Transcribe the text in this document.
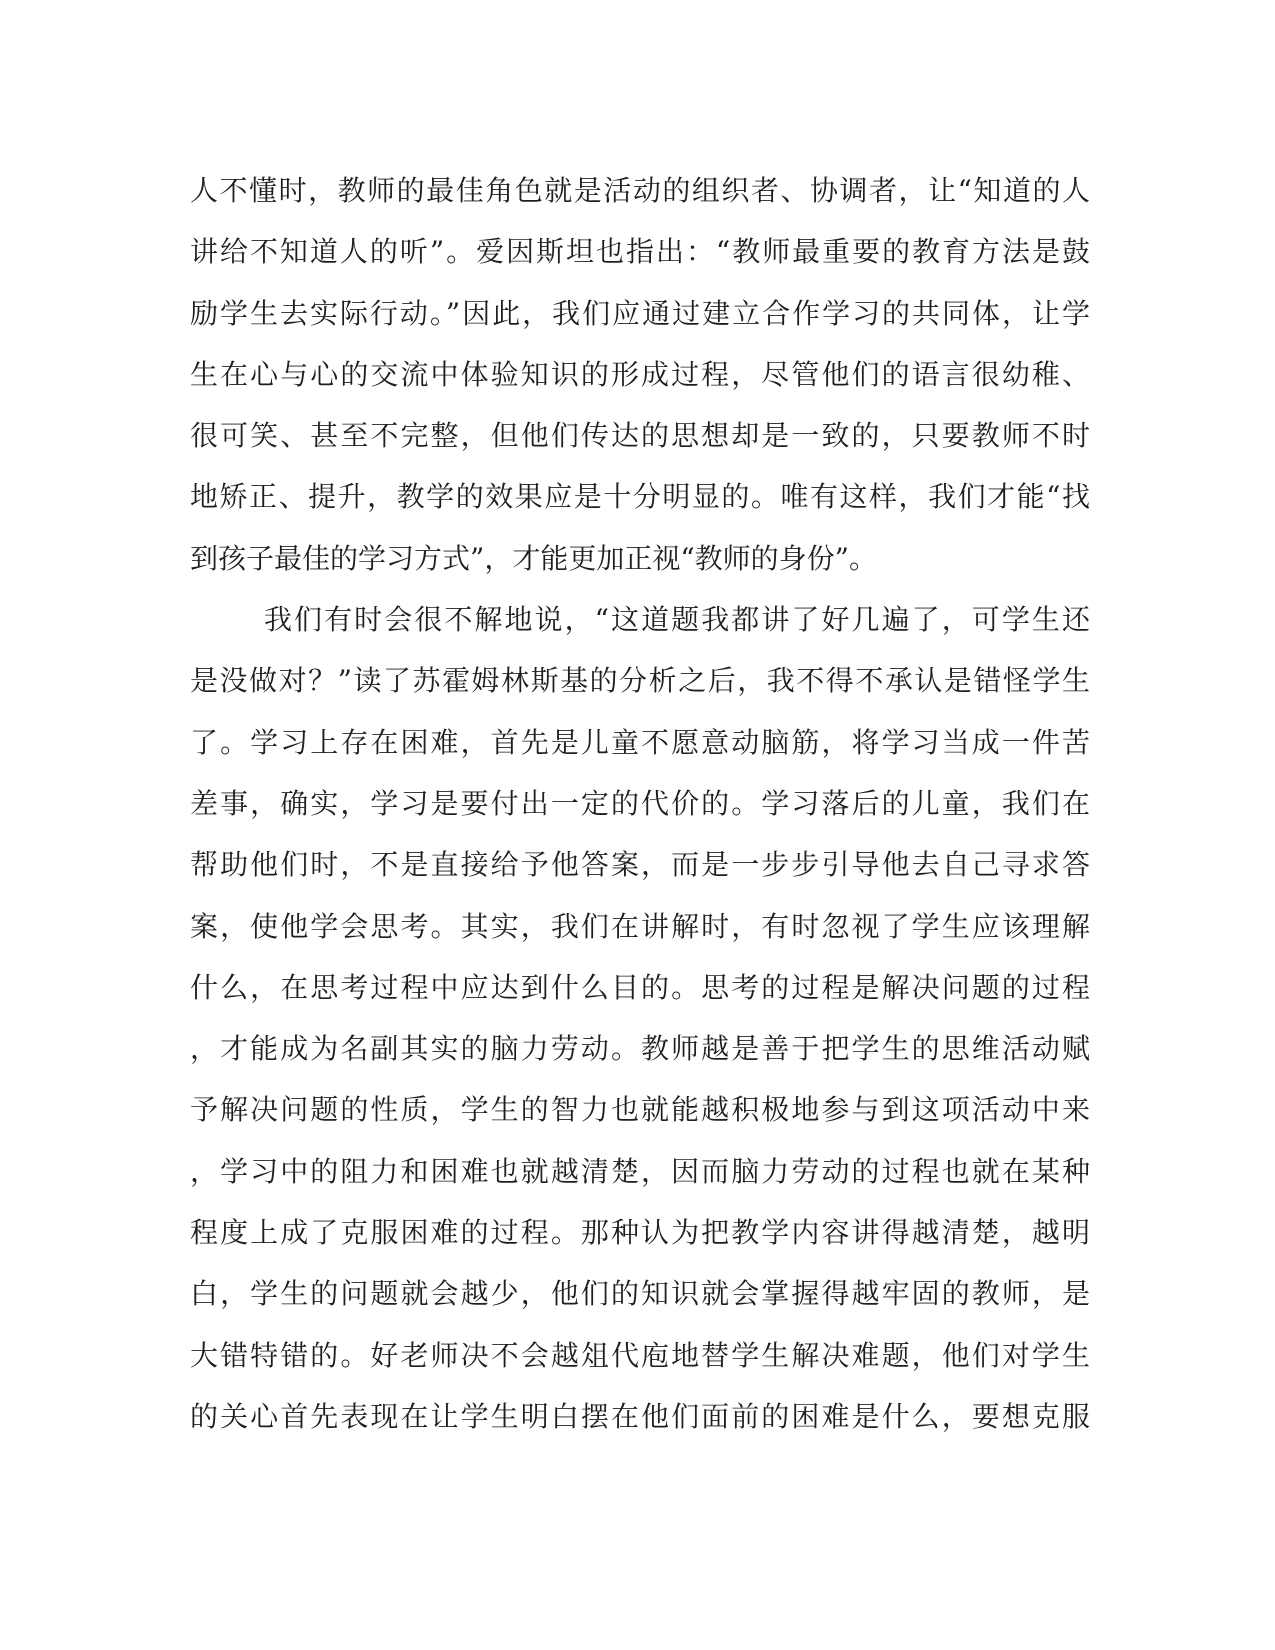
人不懂时，教师的最佳角色就是活动的组织者、协调者，让“知道的人
讲给不知道人的听”。爱因斯坦也指出：“教师最重要的教育方法是鼓
励学生去实际行动。”因此，我们应通过建立合作学习的共同体，让学
生在心与心的交流中体验知识的形成过程，尽管他们的语言很幼稚、
很可笑、甚至不完整，但他们传达的思想却是一致的，只要教师不时
地矫正、提升，教学的效果应是十分明显的。唯有这样，我们才能“找
到孩子最佳的学习方式”，才能更加正视“教师的身份”。
我们有时会很不解地说，“这道题我都讲了好几遍了，可学生还
是没做对？”读了苏霍姆林斯基的分析之后，我不得不承认是错怪学生
了。学习上存在困难，首先是儿童不愿意动脑筋，将学习当成一件苦
差事，确实，学习是要付出一定的代价的。学习落后的儿童，我们在
帮助他们时，不是直接给予他答案，而是一步步引导他去自己寻求答
案，使他学会思考。其实，我们在讲解时，有时忽视了学生应该理解
什么，在思考过程中应达到什么目的。思考的过程是解决问题的过程
，才能成为名副其实的脑力劳动。教师越是善于把学生的思维活动赋
予解决问题的性质，学生的智力也就能越积极地参与到这项活动中来
，学习中的阻力和困难也就越清楚，因而脑力劳动的过程也就在某种
程度上成了克服困难的过程。那种认为把教学内容讲得越清楚，越明
白，学生的问题就会越少，他们的知识就会掌握得越牢固的教师，是
大错特错的。好老师决不会越俎代庖地替学生解决难题，他们对学生
的关心首先表现在让学生明白摆在他们面前的困难是什么，要想克服
